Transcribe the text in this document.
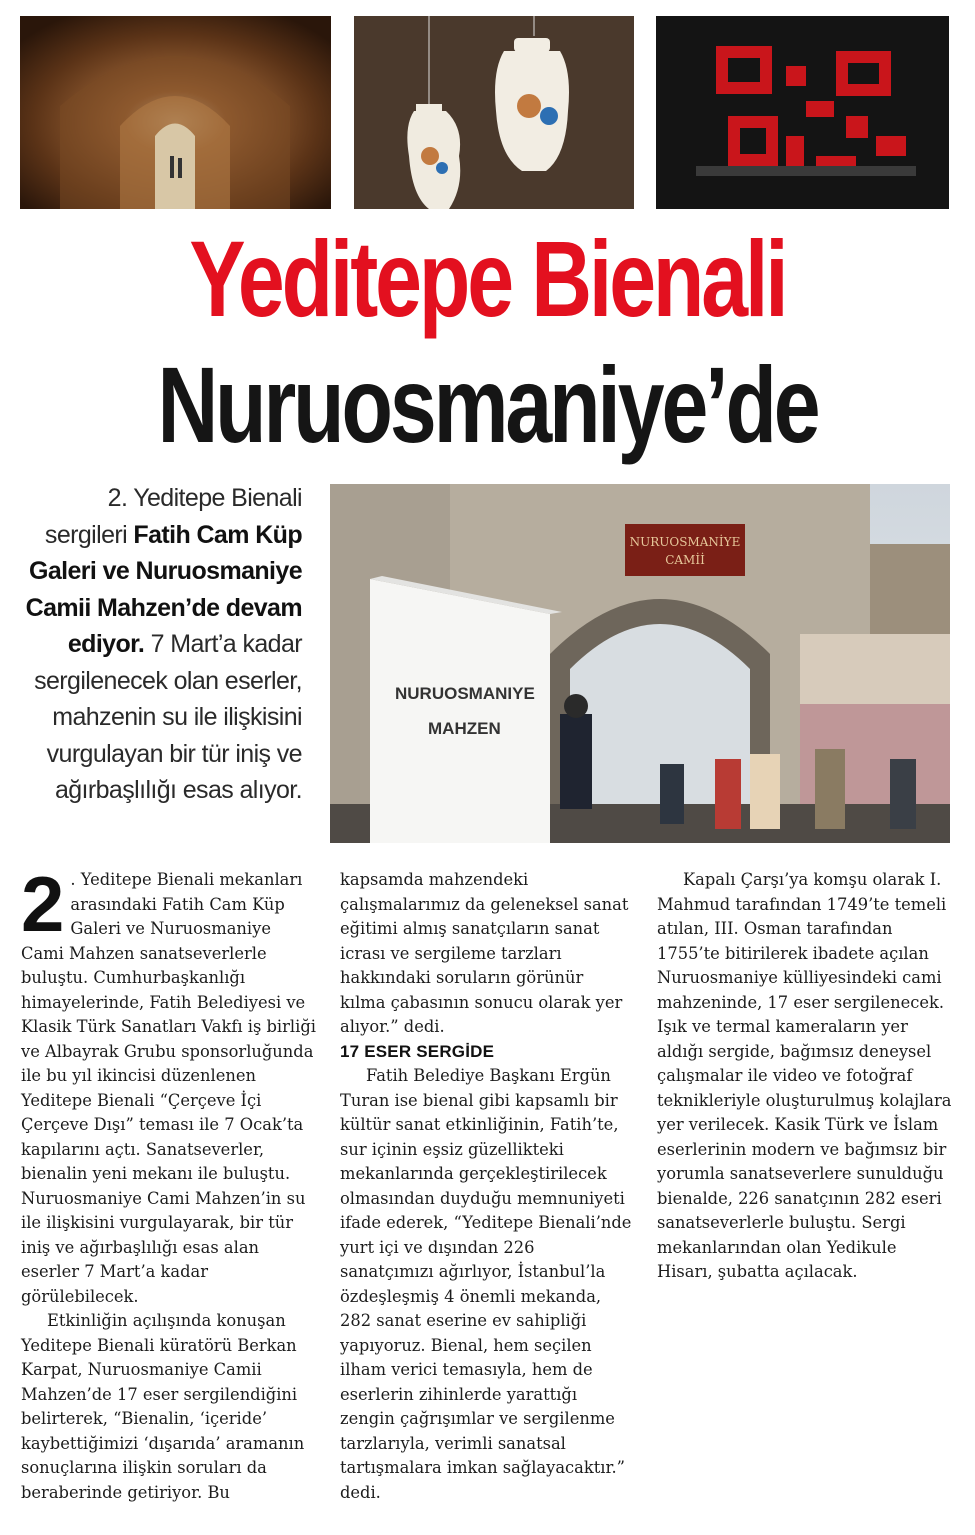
Yeditepe Bienali
Nuruosmaniye’de

2. Yeditepe Bienali sergileri Fatih Cam Küp Galeri ve Nuruosmaniye Camii Mahzen’de devam ediyor. 7 Mart’a kadar sergilenecek olan eserler, mahzenin su ile ilişkisini vurgulayan bir tür iniş ve ağırbaşlılığı esas alıyor.

NURUOSMANİYE
CAMİİ
NURUOSMANIYE
MAHZEN
2 . Yeditepe Bienali mekanları arasındaki Fatih Cam Küp Galeri ve Nuruosmaniye Cami Mahzen sanatseverlerle buluştu. Cumhurbaşkanlığı himayelerinde, Fatih Belediyesi ve Klasik Türk Sanatları Vakfı iş birliği ve Albayrak Grubu sponsorluğunda ile bu yıl ikincisi düzenlenen Yeditepe Bienali “Çerçeve İçi Çerçeve Dışı” teması ile 7 Ocak’ta kapılarını açtı. Sanatseverler, bienalin yeni mekanı ile buluştu. Nuruosmaniye Cami Mahzen’in su ile ilişkisini vurgulayarak, bir tür iniş ve ağırbaşlılığı esas alan eserler 7 Mart’a kadar görülebilecek.

Etkinliğin açılışında konuşan Yeditepe Bienali küratörü Berkan Karpat, Nuruosmaniye Camii Mahzen’de 17 eser sergilendiğini belirterek, “Bienalin, ‘içeride’ kaybettiğimizi ‘dışarıda’ aramanın sonuçlarına ilişkin soruları da beraberinde getiriyor. Bu

Kapalı Çarşı’ya komşu olarak I. Mahmud tarafından 1749’te temeli atılan, III. Osman tarafından 1755’te bitirilerek ibadete açılan Nuruosmaniye külliyesindeki cami mahzeninde, 17 eser sergilenecek. Işık ve termal kameraların yer aldığı sergide, bağımsız deneysel çalışmalar ile video ve fotoğraf teknikleriyle oluşturulmuş kolajlara yer verilecek. Kasik Türk ve İslam eserlerinin modern ve bağımsız bir yorumla sanatseverlere sunulduğu bienalde, 226 sanatçının 282 eseri sanatseverlerle buluştu. Sergi mekanlarından olan Yedikule Hisarı, şubatta açılacak.

kapsamda mahzendeki çalışmalarımız da geleneksel sanat eğitimi almış sanatçıların sanat icrası ve sergileme tarzları hakkındaki soruların görünür kılma çabasının sonucu olarak yer alıyor.” dedi.

17 ESER SERGİDE

Fatih Belediye Başkanı Ergün Turan ise bienal gibi kapsamlı bir kültür sanat etkinliğinin, Fatih’te, sur içinin eşsiz güzellikteki mekanlarında gerçekleştirilecek olmasından duyduğu memnuniyeti ifade ederek, “Yeditepe Bienali’nde yurt içi ve dışından 226 sanatçımızı ağırlıyor, İstanbul’la özdeşleşmiş 4 önemli mekanda, 282 sanat eserine ev sahipliği yapıyoruz. Bienal, hem seçilen ilham verici temasıyla, hem de eserlerin zihinlerde yarattığı zengin çağrışımlar ve sergilenme tarzlarıyla, verimli sanatsal tartışmalara imkan sağlayacaktır.” dedi.
